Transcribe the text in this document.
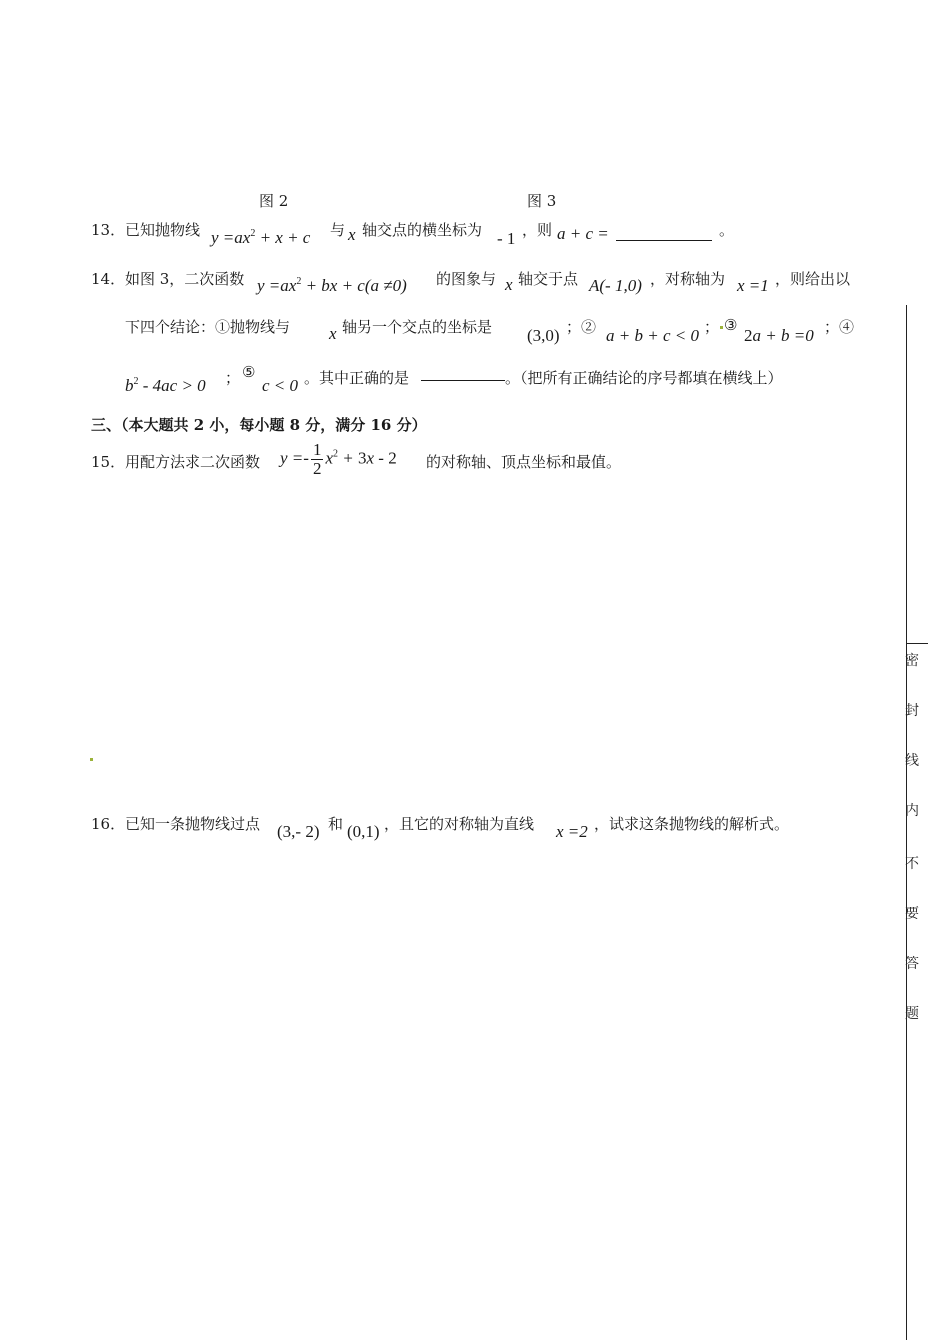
图 2	图 3
13． 已知抛物线 $y =ax^2 + x + c$ 与 x 轴交点的横坐标为 - 1 ，则 a + c =	。
14． 如图 3，二次函数 $y =ax^2$ + bx + c(a ≠0) 的图象与 x 轴交于点 A(- 1,0) ，对称轴为 x =1 ，则给出以
下四个结论：①抛物线与 x 轴另一个交点的坐标是 (3,0) ；② a + b + c < 0 ； ③
2a + b =0 ；④
$b^2 - 4ac > 0$ ； ⑤
c < 0 。其中正确的是	。（把所有正确结论的序号都填在横线上）
三、（本大题共 2 小，每小题 8 分，满分 16 分）
15． 用配方法求二次函数 $y =- \frac{1}{2} x^2 + 3x - 2$ 的对称轴、顶点坐标和最值。
16． 已知一条抛物线过点 (3,- 2) 和 (0,1) ，且它的对称轴为直线 x =2 ，试求这条抛物线的解析式。
密
封
线
内
不
要
答
题
